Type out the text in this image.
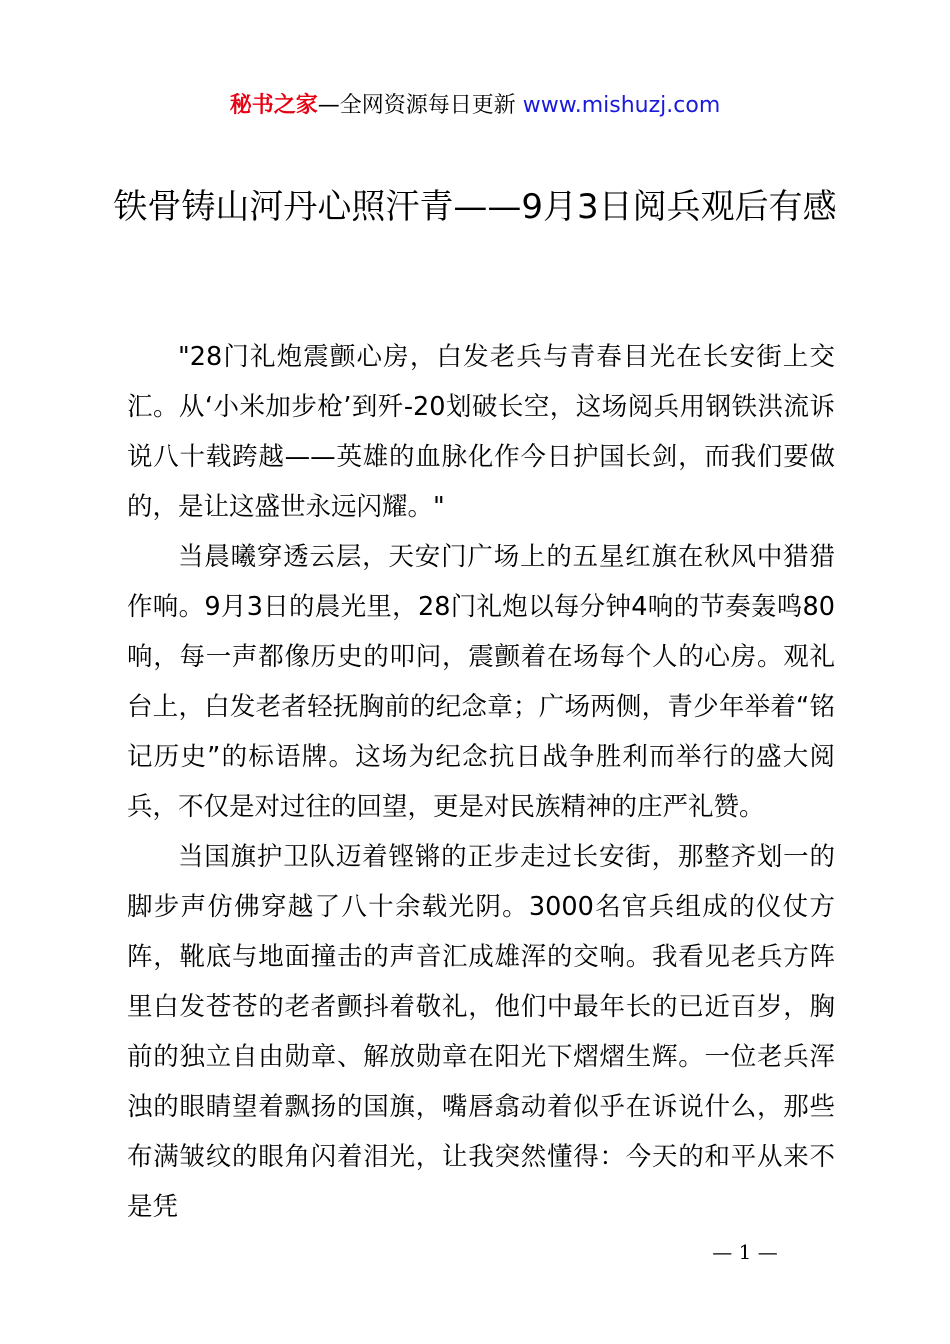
秘书之家—全网资源每日更新 www.mishuzj.com
铁骨铸山河丹心照汗青——9月3日阅兵观后有感

"28门礼炮震颤心房，白发老兵与青春目光在长安街上交汇。从‘小米加步枪’到歼-20划破长空，这场阅兵用钢铁洪流诉说八十载跨越——英雄的血脉化作今日护国长剑，而我们要做的，是让这盛世永远闪耀。"

当晨曦穿透云层，天安门广场上的五星红旗在秋风中猎猎作响。9月3日的晨光里，28门礼炮以每分钟4响的节奏轰鸣80响，每一声都像历史的叩问，震颤着在场每个人的心房。观礼台上，白发老者轻抚胸前的纪念章；广场两侧，青少年举着“铭记历史”的标语牌。这场为纪念抗日战争胜利而举行的盛大阅兵，不仅是对过往的回望，更是对民族精神的庄严礼赞。

当国旗护卫队迈着铿锵的正步走过长安街，那整齐划一的脚步声仿佛穿越了八十余载光阴。3000名官兵组成的仪仗方阵，靴底与地面撞击的声音汇成雄浑的交响。我看见老兵方阵里白发苍苍的老者颤抖着敬礼，他们中最年长的已近百岁，胸前的独立自由勋章、解放勋章在阳光下熠熠生辉。一位老兵浑浊的眼睛望着飘扬的国旗，嘴唇翕动着似乎在诉说什么，那些布满皱纹的眼角闪着泪光，让我突然懂得：今天的和平从来不是凭

— 1 —
